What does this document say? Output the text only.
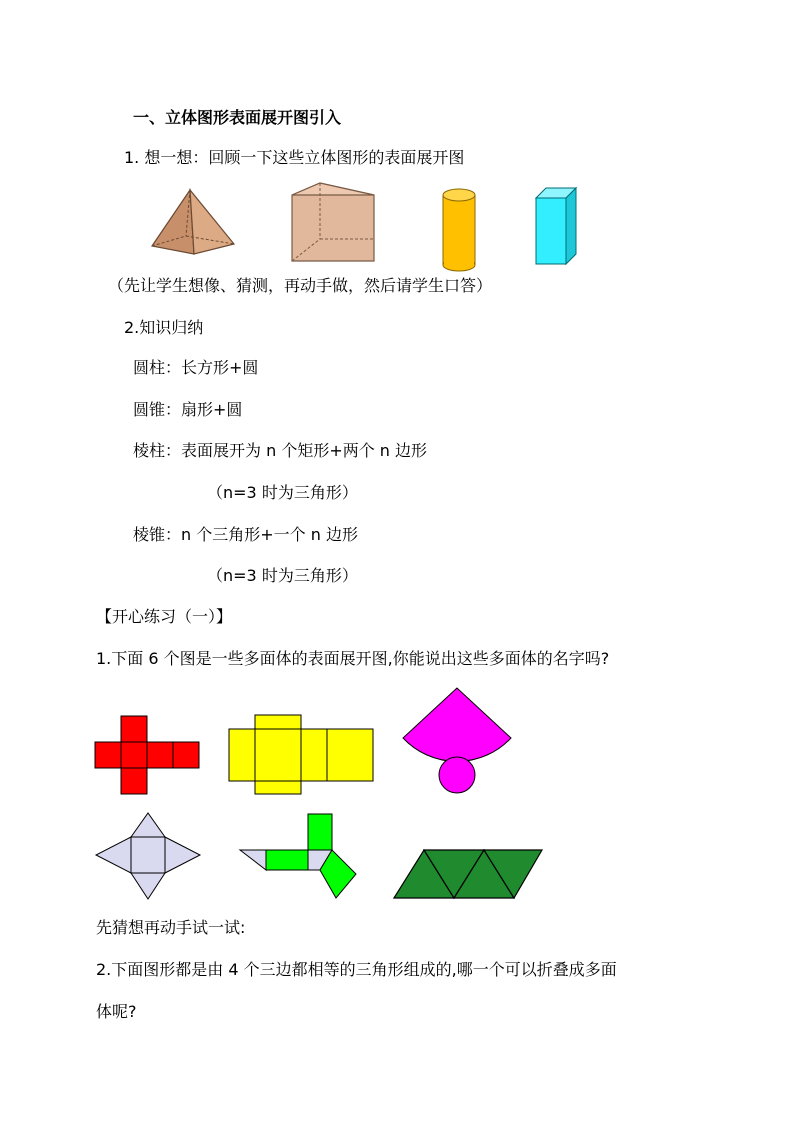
一、立体图形表面展开图引入
1. 想一想：回顾一下这些立体图形的表面展开图
（先让学生想像、猜测，再动手做，然后请学生口答）
2.知识归纳
圆柱：长方形+圆
圆锥：扇形+圆
棱柱：表面展开为 n 个矩形+两个 n 边形
（n=3 时为三角形）
棱锥：n 个三角形+一个 n 边形
（n=3 时为三角形）
【开心练习（一）】
1.下面 6 个图是一些多面体的表面展开图,你能说出这些多面体的名字吗?
先猜想再动手试一试:
2.下面图形都是由 4 个三边都相等的三角形组成的,哪一个可以折叠成多面
体呢?
